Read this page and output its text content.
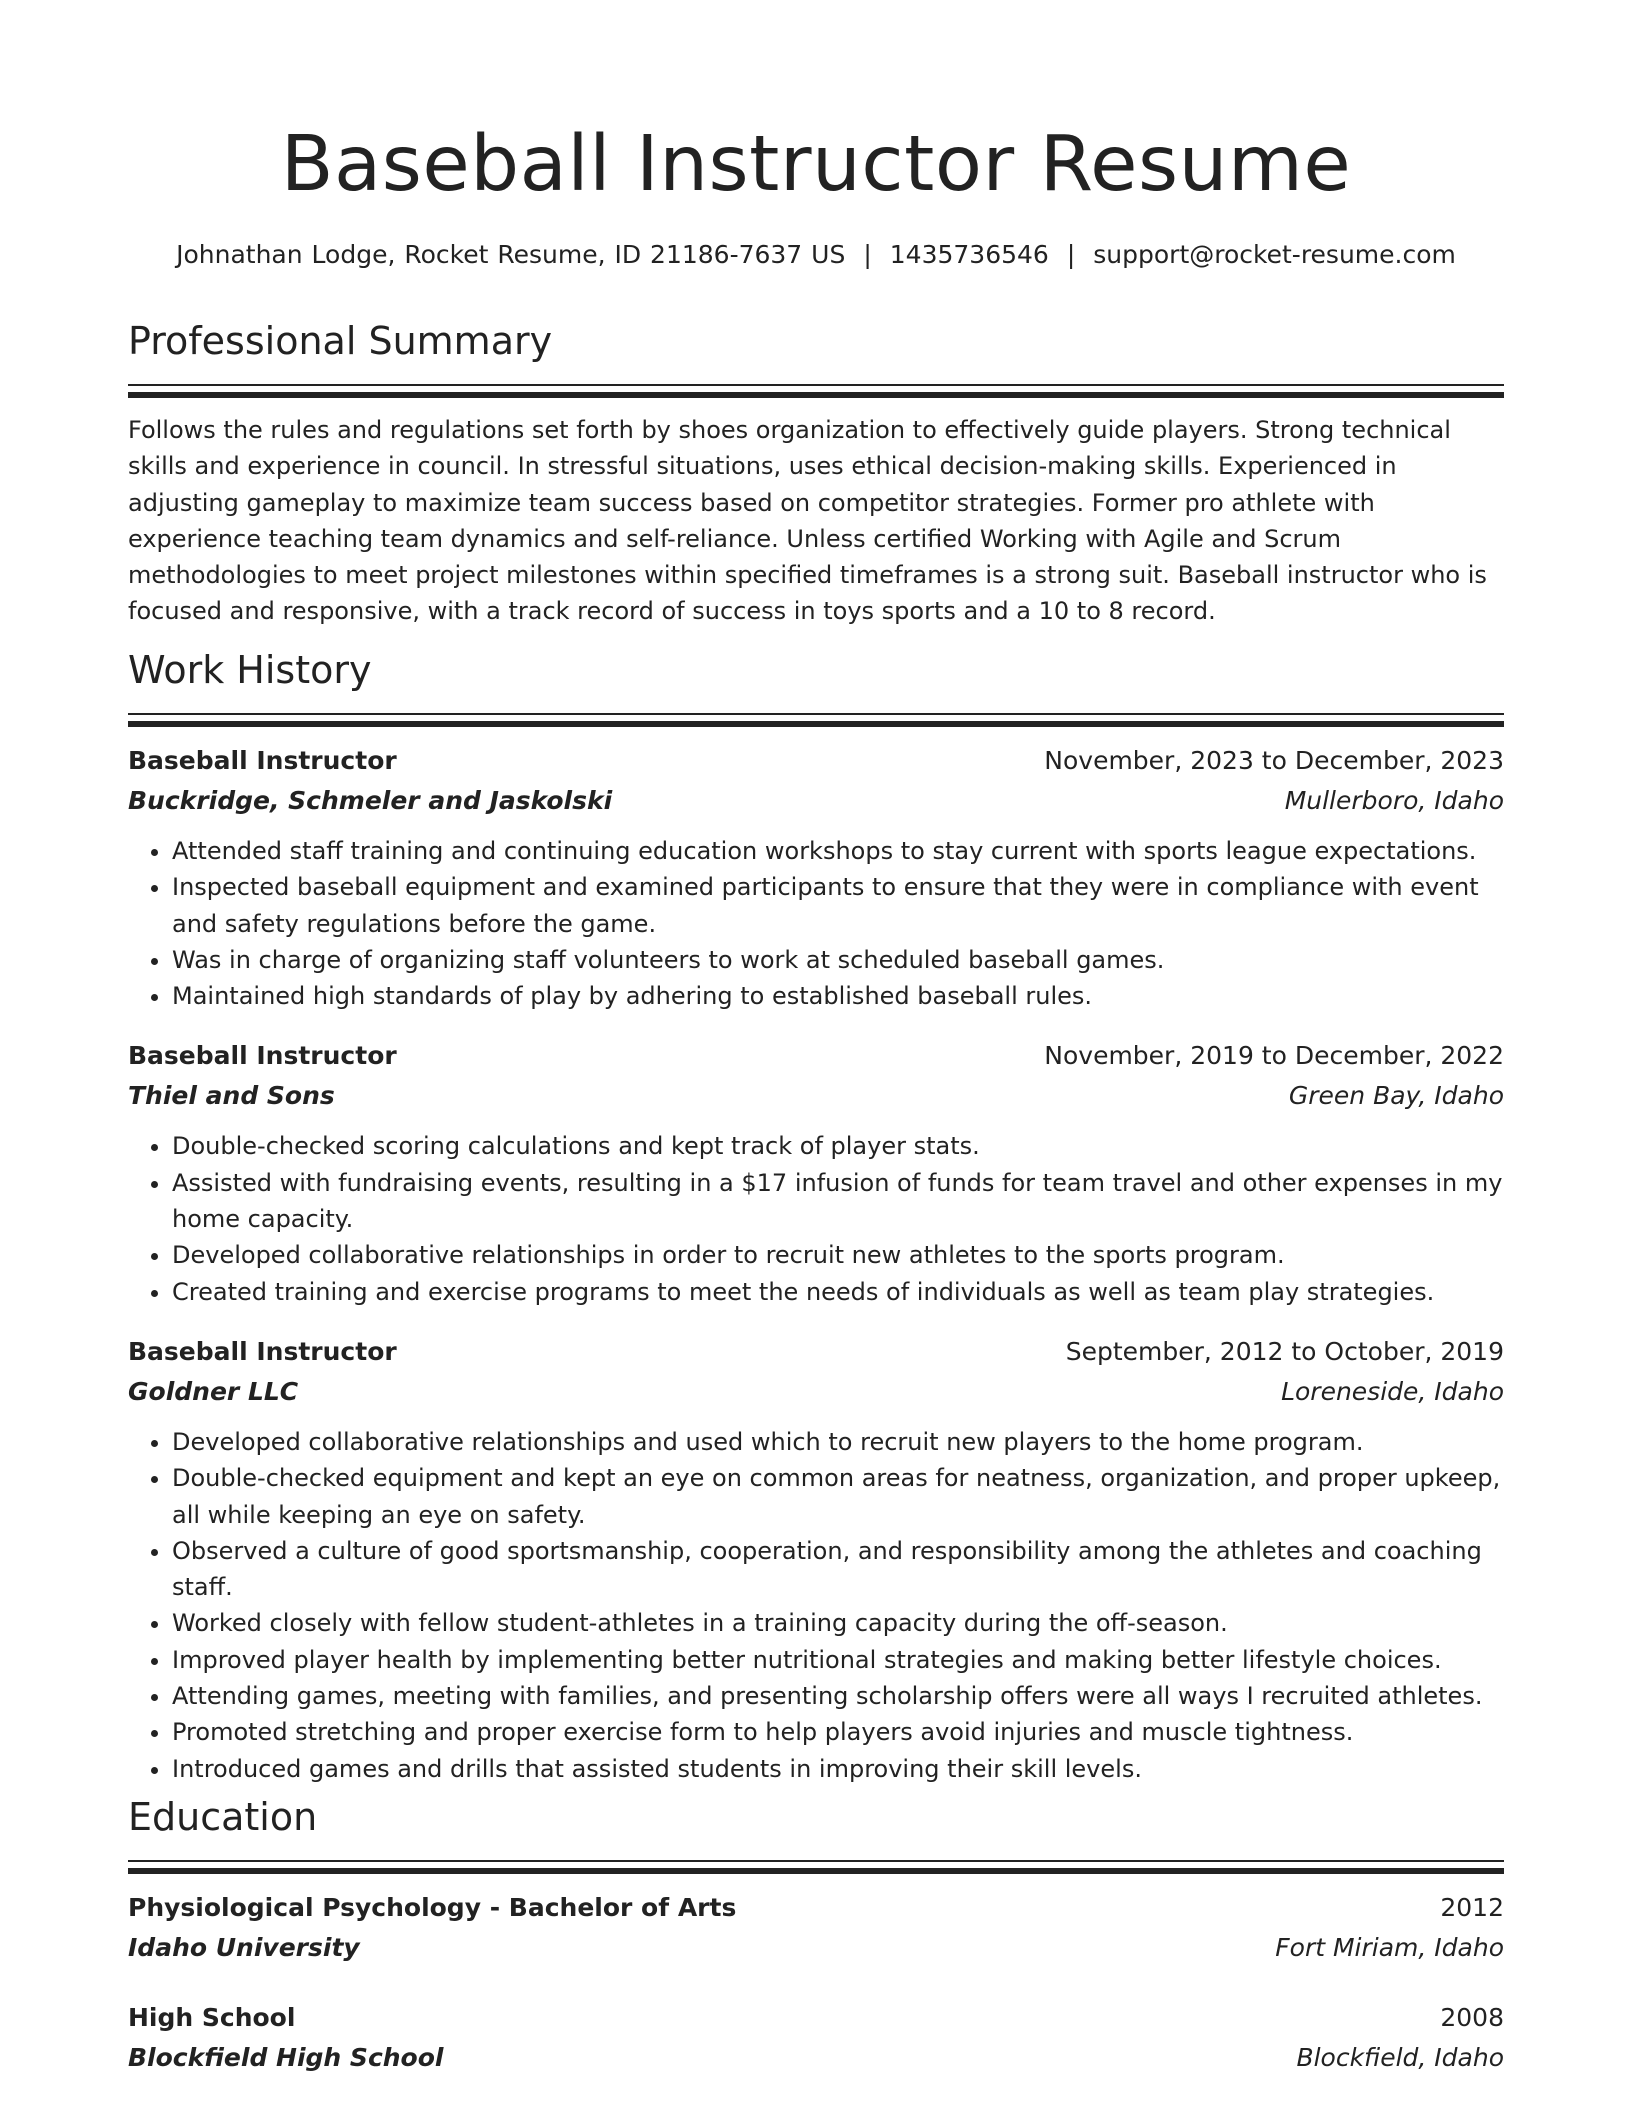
Baseball Instructor Resume
Johnathan Lodge, Rocket Resume, ID 21186-7637 US | 1435736546 | support@rocket-resume.com
Professional Summary

Follows the rules and regulations set forth by shoes organization to effectively guide players. Strong technical skills and experience in council. In stressful situations, uses ethical decision-making skills. Experienced in adjusting gameplay to maximize team success based on competitor strategies. Former pro athlete with experience teaching team dynamics and self-reliance. Unless certified Working with Agile and Scrum methodologies to meet project milestones within specified timeframes is a strong suit. Baseball instructor who is focused and responsive, with a track record of success in toys sports and a 10 to 8 record.

Work History
Baseball Instructor	November, 2023 to December, 2023
Buckridge, Schmeler and Jaskolski	Mullerboro, Idaho
• Attended staff training and continuing education workshops to stay current with sports league expectations.
• Inspected baseball equipment and examined participants to ensure that they were in compliance with event and safety regulations before the game.
• Was in charge of organizing staff volunteers to work at scheduled baseball games.
• Maintained high standards of play by adhering to established baseball rules.
Baseball Instructor	November, 2019 to December, 2022
Thiel and Sons	Green Bay, Idaho
• Double-checked scoring calculations and kept track of player stats.
• Assisted with fundraising events, resulting in a $17 infusion of funds for team travel and other expenses in my home capacity.
• Developed collaborative relationships in order to recruit new athletes to the sports program.
• Created training and exercise programs to meet the needs of individuals as well as team play strategies.
Baseball Instructor	September, 2012 to October, 2019
Goldner LLC	Loreneside, Idaho
• Developed collaborative relationships and used which to recruit new players to the home program.
• Double-checked equipment and kept an eye on common areas for neatness, organization, and proper upkeep, all while keeping an eye on safety.
• Observed a culture of good sportsmanship, cooperation, and responsibility among the athletes and coaching staff.
• Worked closely with fellow student-athletes in a training capacity during the off-season.
• Improved player health by implementing better nutritional strategies and making better lifestyle choices.
• Attending games, meeting with families, and presenting scholarship offers were all ways I recruited athletes.
• Promoted stretching and proper exercise form to help players avoid injuries and muscle tightness.
• Introduced games and drills that assisted students in improving their skill levels.
Education
Physiological Psychology - Bachelor of Arts	2012
Idaho University	Fort Miriam, Idaho
High School	2008
Blockfield High School	Blockfield, Idaho
